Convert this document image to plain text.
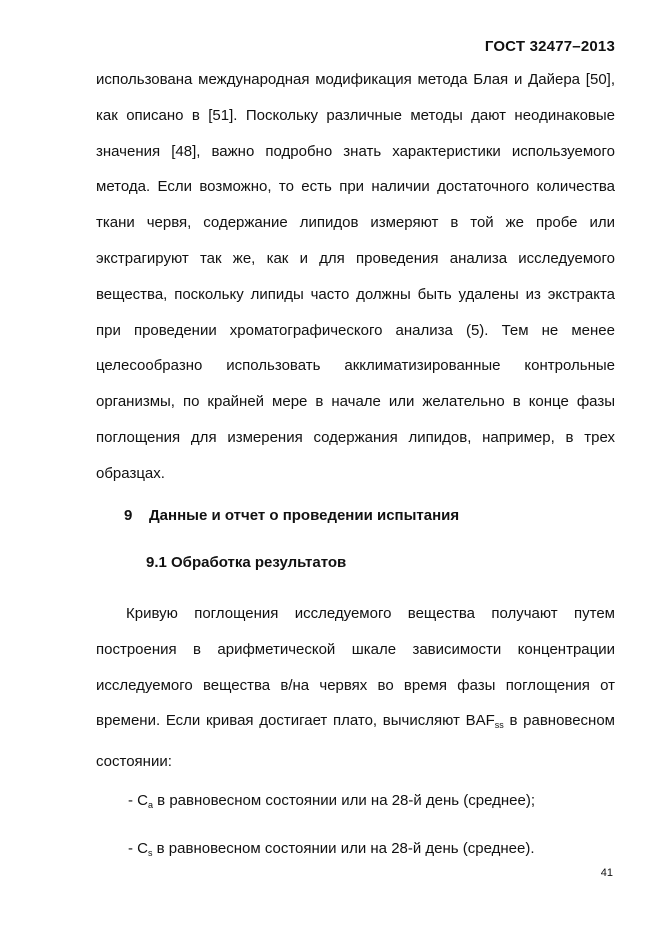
ГОСТ 32477–2013

использована международная модификация метода Блая и Дайера [50], как описано в [51]. Поскольку различные методы дают неодинаковые значения [48], важно подробно знать характеристики используемого метода. Если возможно, то есть при наличии достаточного количества ткани червя, содержание липидов измеряют в той же пробе или экстрагируют так же, как и для проведения анализа исследуемого вещества, поскольку липиды часто должны быть удалены из экстракта при проведении хроматографического анализа (5). Тем не менее целесообразно использовать акклиматизированные контрольные организмы, по крайней мере в начале или желательно в конце фазы поглощения для измерения содержания липидов, например, в трех образцах.

9 Данные и отчет о проведении испытания
9.1 Обработка результатов

Кривую поглощения исследуемого вещества получают путем построения в арифметической шкале зависимости концентрации исследуемого вещества в/на червях во время фазы поглощения от времени. Если кривая достигает плато, вычисляют $BAF_{ss}$ в равновесном состоянии:

- $C_a$ в равновесном состоянии или на 28-й день (среднее);
- $C_s$ в равновесном состоянии или на 28-й день (среднее).
41
